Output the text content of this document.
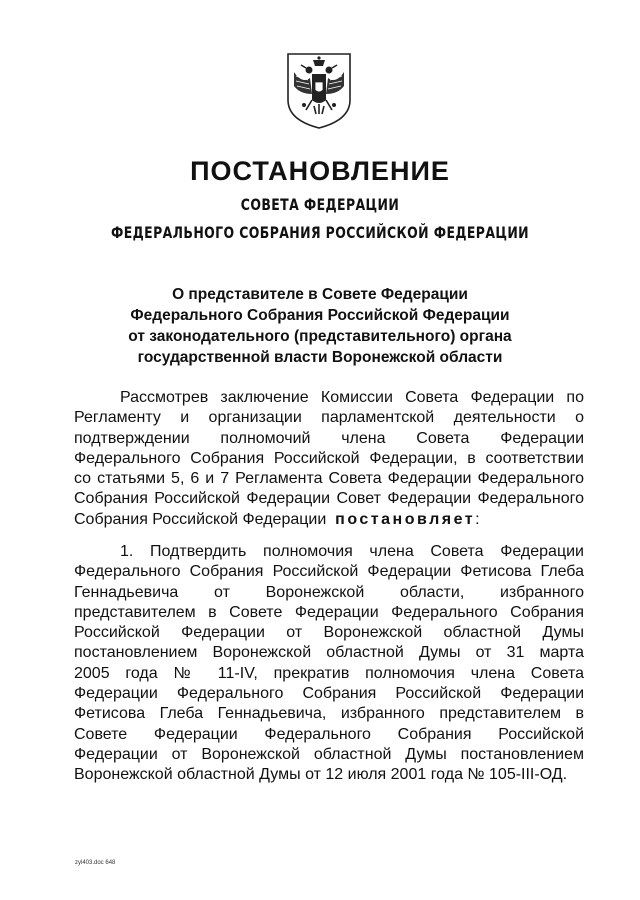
ПОСТАНОВЛЕНИЕ
СОВЕТА ФЕДЕРАЦИИ
ФЕДЕРАЛЬНОГО СОБРАНИЯ РОССИЙСКОЙ ФЕДЕРАЦИИ
О представителе в Совете Федерации
Федерального Собрания Российской Федерации
от законодательного (представительного) органа
государственной власти Воронежской области
Рассмотрев заключение Комиссии Совета Федерации по
Регламенту и организации парламентской деятельности о
подтверждении полномочий члена Совета Федерации
Федерального Собрания Российской Федерации, в соответствии
со статьями 5, 6 и 7 Регламента Совета Федерации Федерального
Собрания Российской Федерации Совет Федерации Федерального
Собрания Российской Федерации постановляет:
1. Подтвердить полномочия члена Совета Федерации
Федерального Собрания Российской Федерации Фетисова Глеба
Геннадьевича от Воронежской области, избранного
представителем в Совете Федерации Федерального Собрания
Российской Федерации от Воронежской областной Думы
постановлением Воронежской областной Думы от 31 марта
2005 года № 11-IV, прекратив полномочия члена Совета
Федерации Федерального Собрания Российской Федерации
Фетисова Глеба Геннадьевича, избранного представителем в
Совете Федерации Федерального Собрания Российской
Федерации от Воронежской областной Думы постановлением
Воронежской областной Думы от 12 июля 2001 года № 105-III-ОД.
zyl403.doc 648
